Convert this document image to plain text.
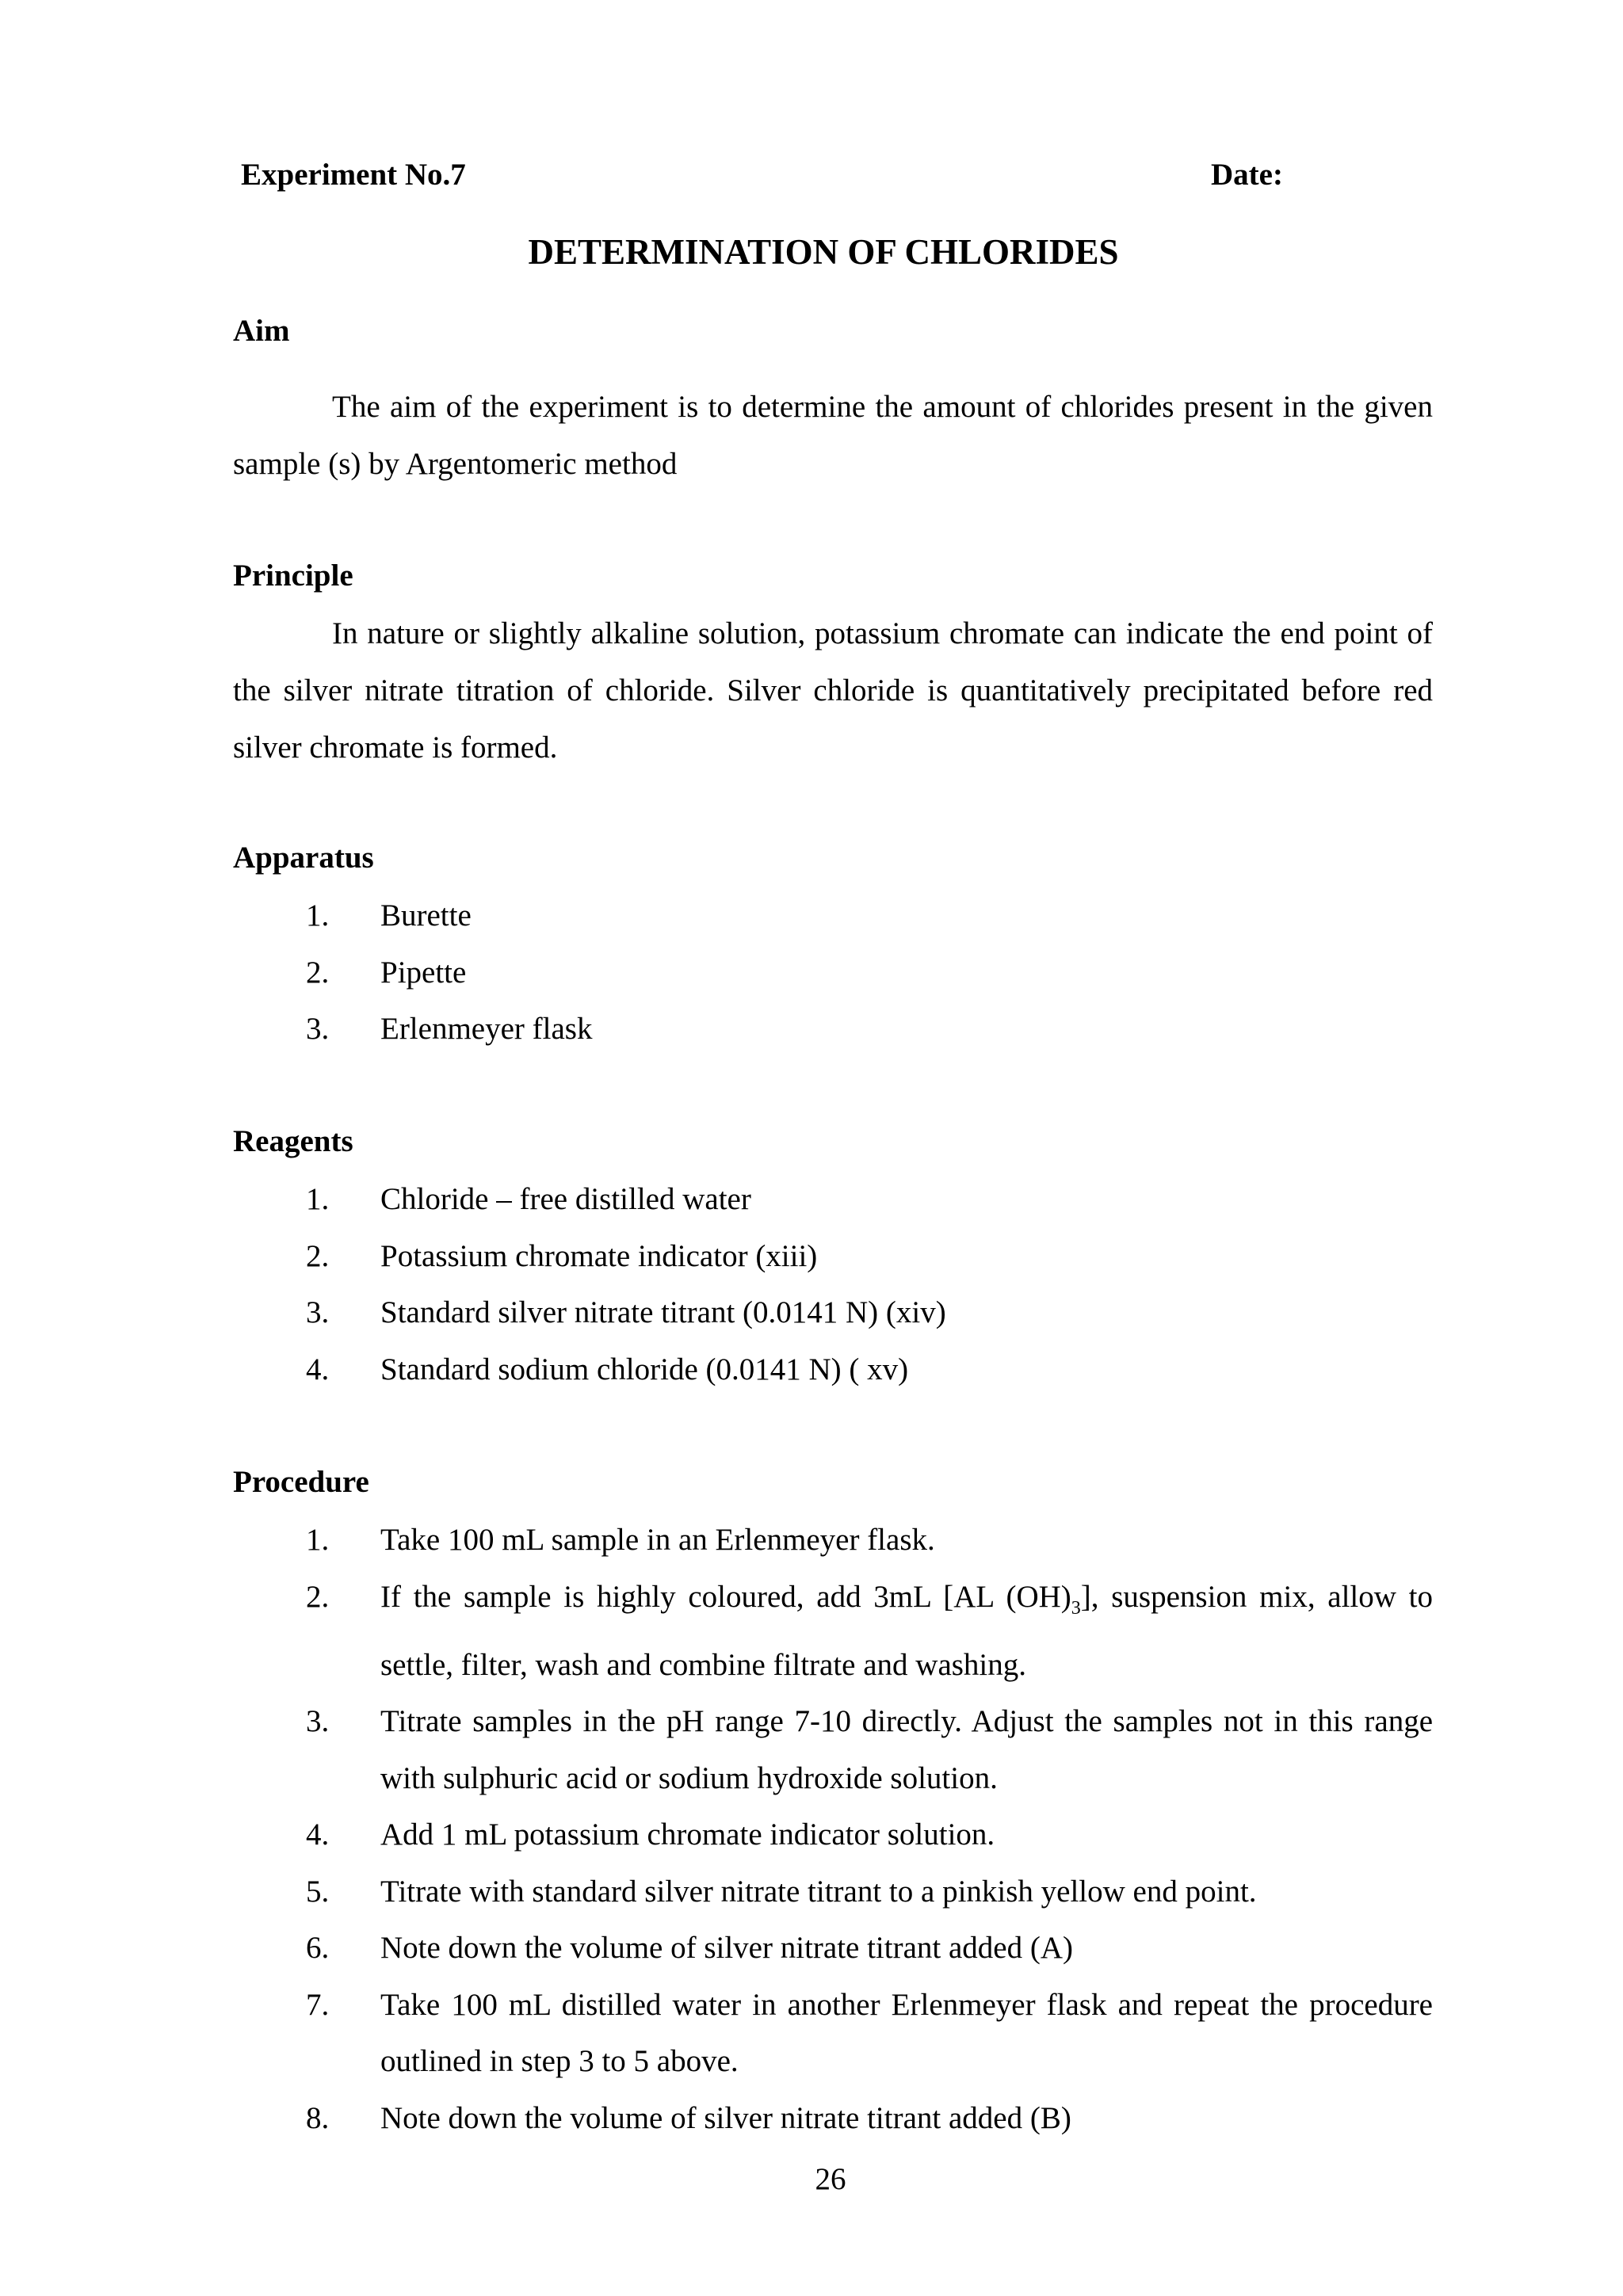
Experiment No.7	Date:
DETERMINATION OF CHLORIDES
Aim
The aim of the experiment is to determine the amount of chlorides present in the given sample (s) by Argentomeric method
Principle
In nature or slightly alkaline solution, potassium chromate can indicate the end point of the silver nitrate titration of chloride. Silver chloride is quantitatively precipitated before red silver chromate is formed.
Apparatus
1.	Burette
2.	Pipette
3.	Erlenmeyer flask
Reagents
1.	Chloride – free distilled water
2.	Potassium chromate indicator (xiii)
3.	Standard silver nitrate titrant (0.0141 N) (xiv)
4.	Standard sodium chloride (0.0141 N) ( xv)
Procedure
1.	Take 100 mL sample in an Erlenmeyer flask.
2.	If the sample is highly coloured, add 3mL [AL $(OH)_3$], suspension mix, allow to settle, filter, wash and combine filtrate and washing.
3.	Titrate samples in the pH range 7-10 directly. Adjust the samples not in this range with sulphuric acid or sodium hydroxide solution.
4.	Add 1 mL potassium chromate indicator solution.
5.	Titrate with standard silver nitrate titrant to a pinkish yellow end point.
6.	Note down the volume of silver nitrate titrant added (A)
7.	Take 100 mL distilled water in another Erlenmeyer flask and repeat the procedure outlined in step 3 to 5 above.
8.	Note down the volume of silver nitrate titrant added (B)
26
